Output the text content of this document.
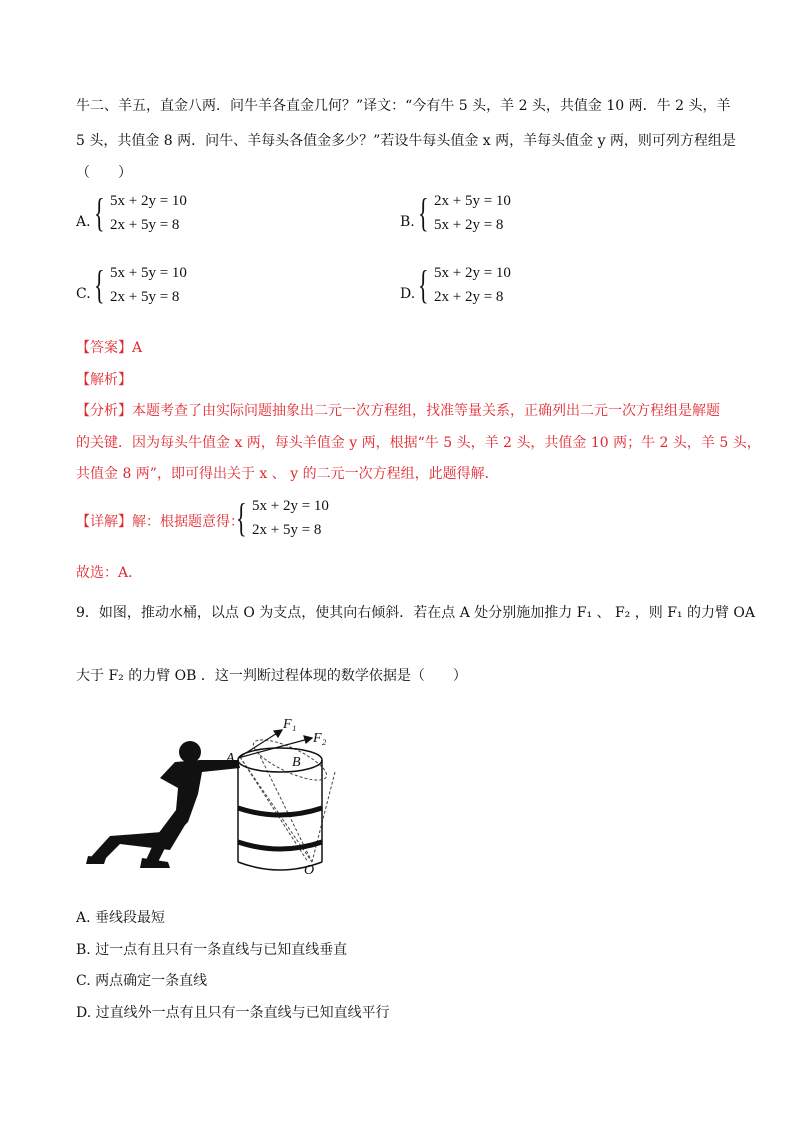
牛二、羊五，直金八两．问牛羊各直金几何？”译文：“今有牛 5 头，羊 2 头，共值金 10 两．牛 2 头，羊
5 头，共值金 8 两．问牛、羊每头各值金多少？”若设牛每头值金 x 两，羊每头值金 y 两，则可列方程组是
（　　）
A. { 5x + 2y = 10
2x + 5y = 8	B. { 2x + 5y = 10
5x + 2y = 8
C. { 5x + 5y = 10
2x + 5y = 8	D. { 5x + 2y = 10
2x + 2y = 8
【答案】A
【解析】
【分析】本题考查了由实际问题抽象出二元一次方程组，找准等量关系，正确列出二元一次方程组是解题
的关键．因为每头牛值金 x 两，每头羊值金 y 两，根据“牛 5 头，羊 2 头，共值金 10 两；牛 2 头，羊 5 头，
共值金 8 两”，即可得出关于 x 、 y 的二元一次方程组，此题得解．
【详解】解：根据题意得：
{ 5x + 2y = 10
2x + 5y = 8
故选：A．
9．如图，推动水桶，以点 O 为支点，使其向右倾斜．若在点 A 处分别施加推力 F₁ 、 F₂ ，则 F₁ 的力臂 OA
大于 F₂ 的力臂 OB ．这一判断过程体现的数学依据是（　　）
A	B
O
F₁
F₂
A. 垂线段最短
B. 过一点有且只有一条直线与已知直线垂直
C. 两点确定一条直线
D. 过直线外一点有且只有一条直线与已知直线平行
